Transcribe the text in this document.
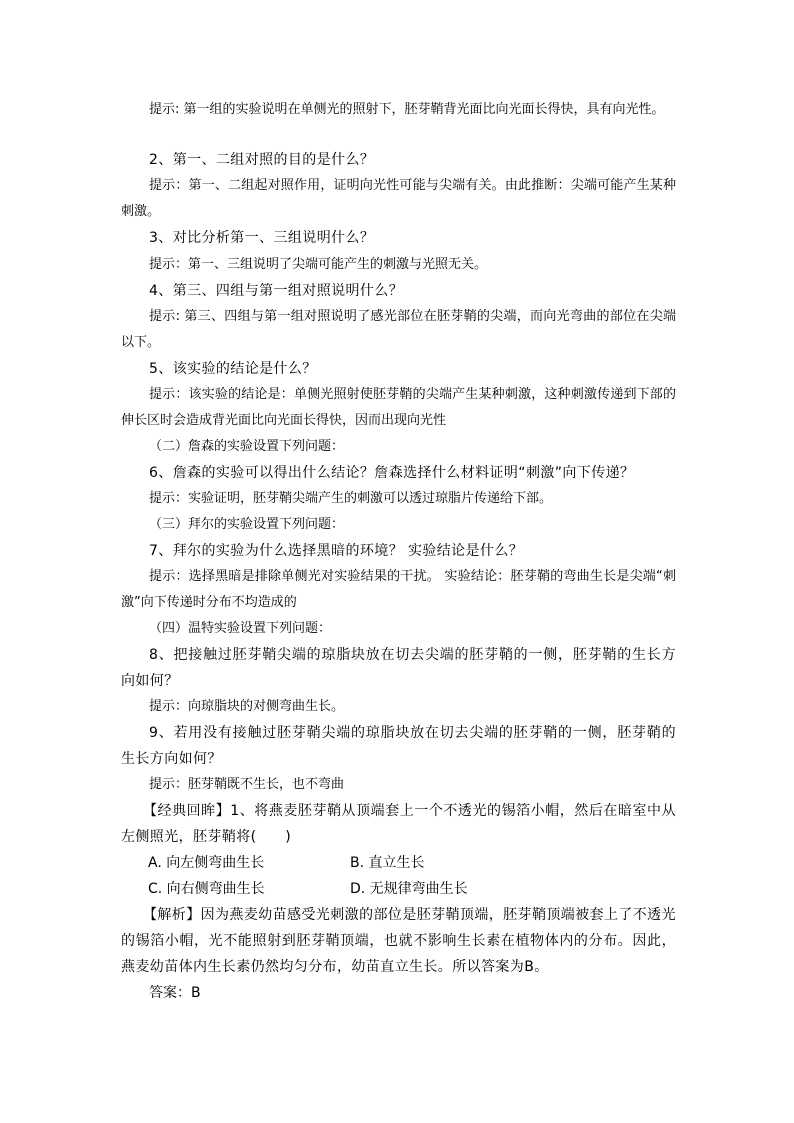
提示: 第一组的实验说明在单侧光的照射下，胚芽鞘背光面比向光面长得快，具有向光性。

2、第一、二组对照的目的是什么？

提示：第一、二组起对照作用，证明向光性可能与尖端有关。由此推断：尖端可能产生某种刺激。

3、对比分析第一、三组说明什么？

提示：第一、三组说明了尖端可能产生的刺激与光照无关。

4、第三、四组与第一组对照说明什么？

提示: 第三、四组与第一组对照说明了感光部位在胚芽鞘的尖端，而向光弯曲的部位在尖端以下。

5、该实验的结论是什么？

提示：该实验的结论是：单侧光照射使胚芽鞘的尖端产生某种刺激，这种刺激传递到下部的伸长区时会造成背光面比向光面长得快，因而出现向光性

（二）詹森的实验设置下列问题：

6、詹森的实验可以得出什么结论？詹森选择什么材料证明“刺激”向下传递？

提示：实验证明，胚芽鞘尖端产生的刺激可以透过琼脂片传递给下部。

（三）拜尔的实验设置下列问题：

7、拜尔的实验为什么选择黑暗的环境？ 实验结论是什么？

提示：选择黑暗是排除单侧光对实验结果的干扰。 实验结论：胚芽鞘的弯曲生长是尖端“刺激”向下传递时分布不均造成的

（四）温特实验设置下列问题：

8、把接触过胚芽鞘尖端的琼脂块放在切去尖端的胚芽鞘的一侧，胚芽鞘的生长方向如何？

提示：向琼脂块的对侧弯曲生长。

9、若用没有接触过胚芽鞘尖端的琼脂块放在切去尖端的胚芽鞘的一侧，胚芽鞘的生长方向如何？

提示：胚芽鞘既不生长，也不弯曲

【经典回眸】1、将燕麦胚芽鞘从顶端套上一个不透光的锡箔小帽，然后在暗室中从左侧照光，胚芽鞘将(　　)

A. 向左侧弯曲生长	B. 直立生长
C. 向右侧弯曲生长	D. 无规律弯曲生长

【解析】因为燕麦幼苗感受光刺激的部位是胚芽鞘顶端，胚芽鞘顶端被套上了不透光的锡箔小帽，光不能照射到胚芽鞘顶端，也就不影响生长素在植物体内的分布。因此，燕麦幼苗体内生长素仍然均匀分布，幼苗直立生长。所以答案为B。

答案：B
